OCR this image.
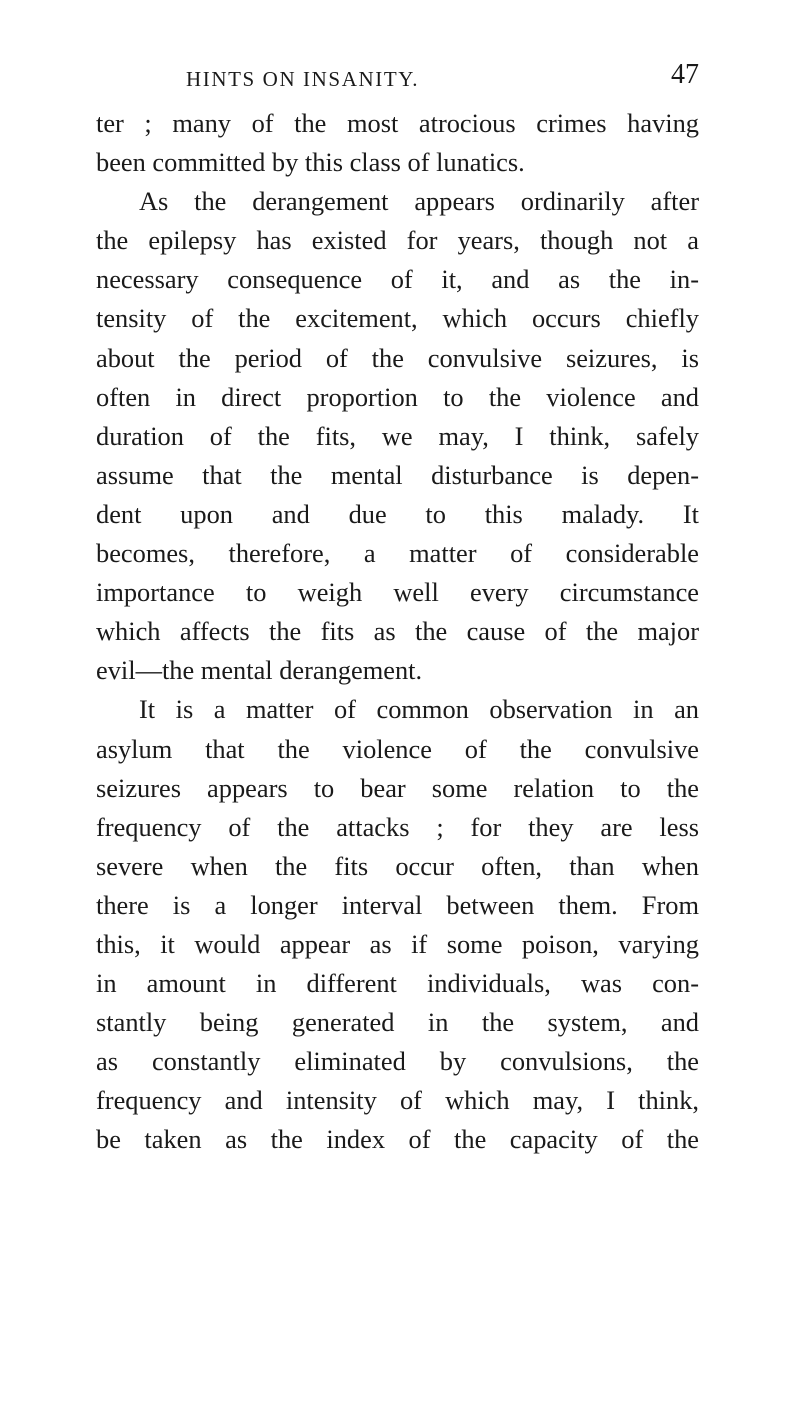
HINTS ON INSANITY.	47
ter ; many of the most atrocious crimes having
been committed by this class of lunatics.
As the derangement appears ordinarily after
the epilepsy has existed for years, though not a
necessary consequence of it, and as the in-
tensity of the excitement, which occurs chiefly
about the period of the convulsive seizures, is
often in direct proportion to the violence and
duration of the fits, we may, I think, safely
assume that the mental disturbance is depen-
dent upon and due to this malady. It
becomes, therefore, a matter of considerable
importance to weigh well every circumstance
which affects the fits as the cause of the major
evil—the mental derangement.
It is a matter of common observation in an
asylum that the violence of the convulsive
seizures appears to bear some relation to the
frequency of the attacks ; for they are less
severe when the fits occur often, than when
there is a longer interval between them. From
this, it would appear as if some poison, varying
in amount in different individuals, was con-
stantly being generated in the system, and
as constantly eliminated by convulsions, the
frequency and intensity of which may, I think,
be taken as the index of the capacity of the
